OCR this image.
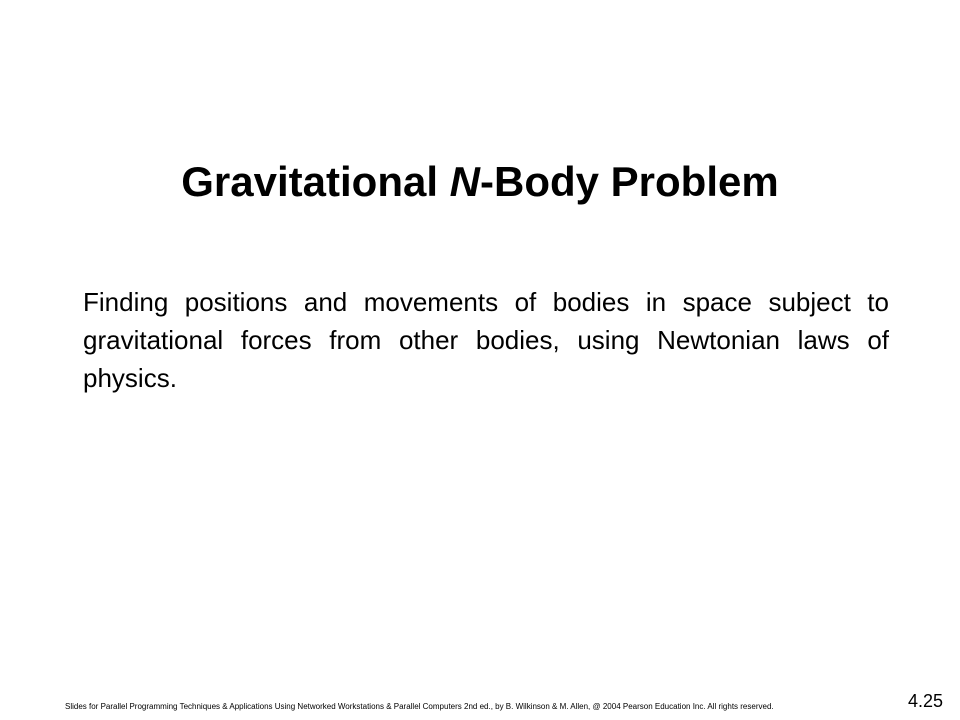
Gravitational N-Body Problem
Finding positions and movements of bodies in space subject to gravitational forces from other bodies, using Newtonian laws of physics.
Slides for Parallel Programming Techniques & Applications Using Networked Workstations & Parallel Computers 2nd ed., by B. Wilkinson & M. Allen, @ 2004 Pearson Education Inc. All rights reserved.	4.25
